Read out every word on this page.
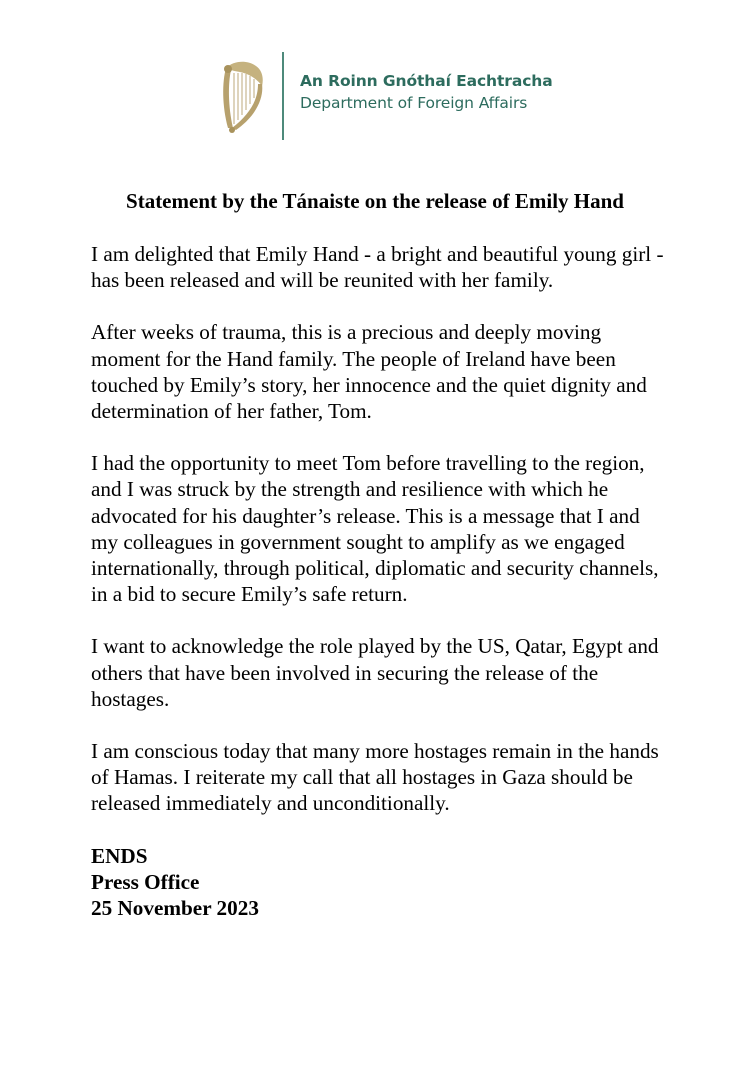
An Roinn Gnóthaí Eachtracha
Department of Foreign Affairs
Statement by the Tánaiste on the release of Emily Hand

I am delighted that Emily Hand - a bright and beautiful young girl - has been released and will be reunited with her family.

After weeks of trauma, this is a precious and deeply moving moment for the Hand family. The people of Ireland have been touched by Emily’s story, her innocence and the quiet dignity and determination of her father, Tom.

I had the opportunity to meet Tom before travelling to the region, and I was struck by the strength and resilience with which he advocated for his daughter’s release. This is a message that I and my colleagues in government sought to amplify as we engaged internationally, through political, diplomatic and security channels, in a bid to secure Emily’s safe return.

I want to acknowledge the role played by the US, Qatar, Egypt and others that have been involved in securing the release of the hostages.

I am conscious today that many more hostages remain in the hands of Hamas. I reiterate my call that all hostages in Gaza should be released immediately and unconditionally.

ENDS

Press Office

25 November 2023
